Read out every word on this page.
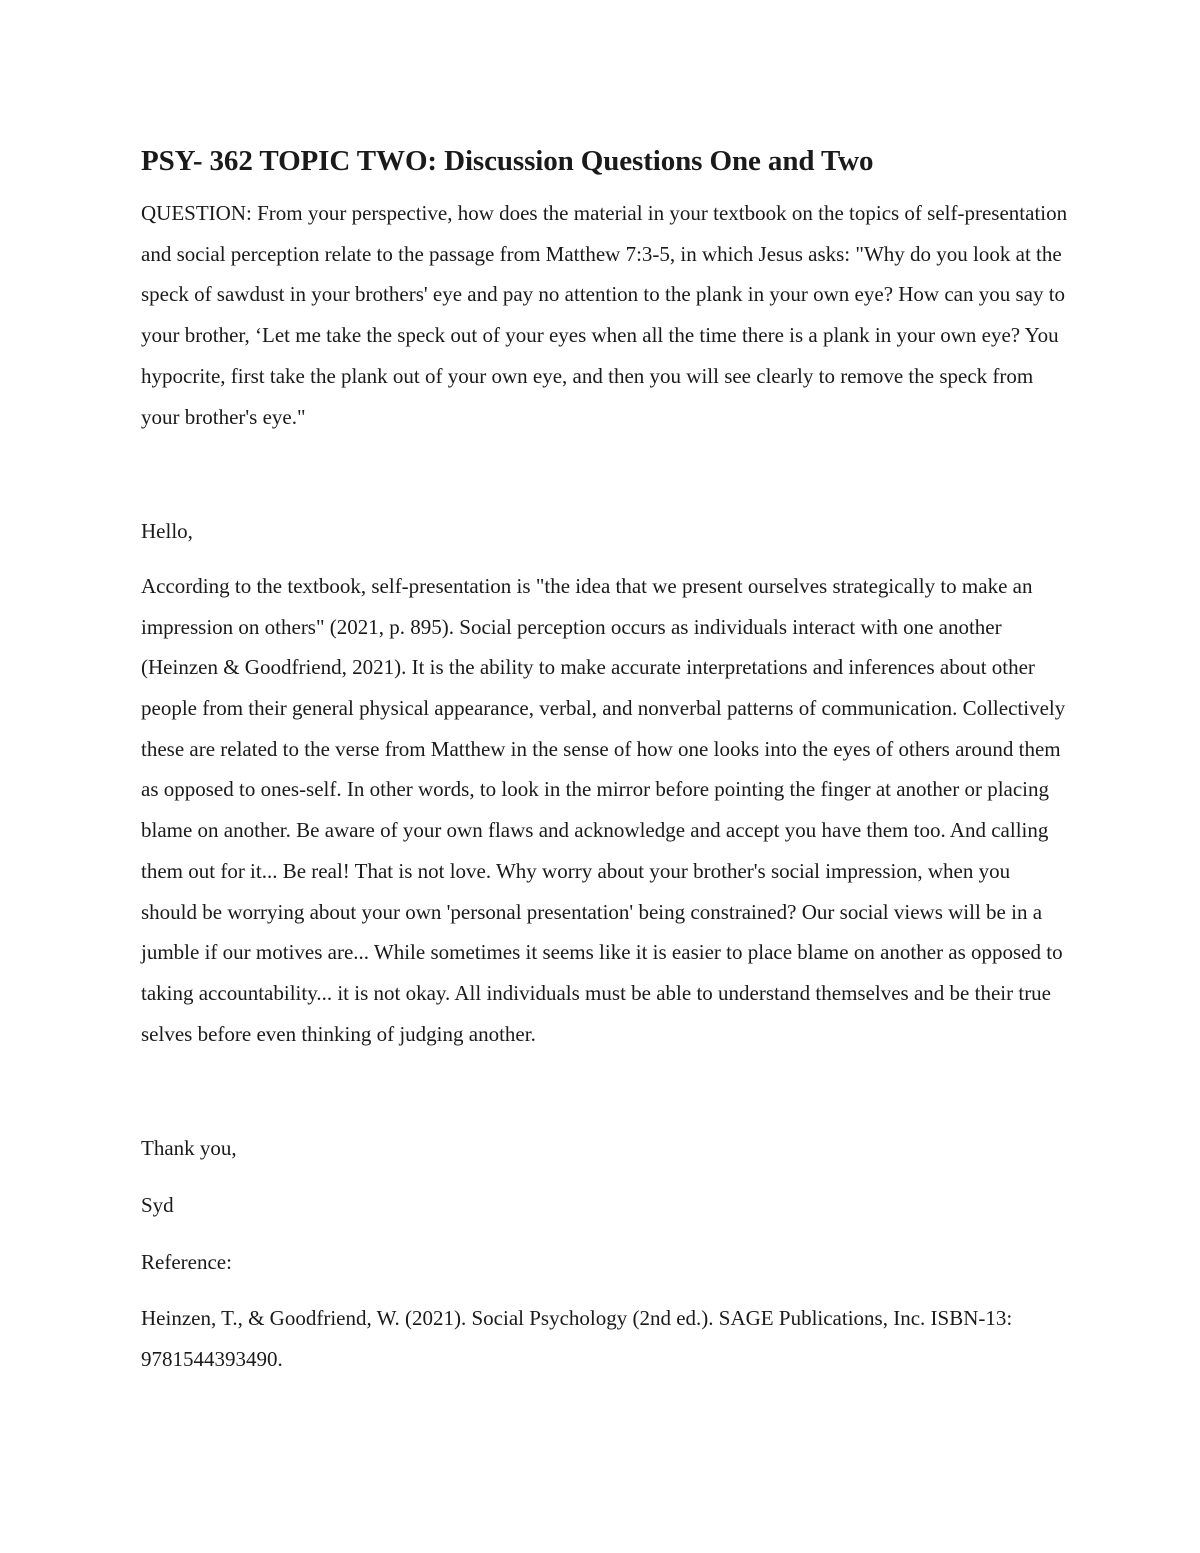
PSY- 362 TOPIC TWO: Discussion Questions One and Two

QUESTION: From your perspective, how does the material in your textbook on the topics of self-presentation and social perception relate to the passage from Matthew 7:3-5, in which Jesus asks: "Why do you look at the speck of sawdust in your brothers' eye and pay no attention to the plank in your own eye? How can you say to your brother, ‘Let me take the speck out of your eyes when all the time there is a plank in your own eye? You hypocrite, first take the plank out of your own eye, and then you will see clearly to remove the speck from your brother's eye."

Hello,

According to the textbook, self-presentation is "the idea that we present ourselves strategically to make an impression on others" (2021, p. 895). Social perception occurs as individuals interact with one another (Heinzen & Goodfriend, 2021). It is the ability to make accurate interpretations and inferences about other people from their general physical appearance, verbal, and nonverbal patterns of communication. Collectively these are related to the verse from Matthew in the sense of how one looks into the eyes of others around them as opposed to ones-self. In other words, to look in the mirror before pointing the finger at another or placing blame on another. Be aware of your own flaws and acknowledge and accept you have them too. And calling them out for it... Be real! That is not love. Why worry about your brother's social impression, when you should be worrying about your own 'personal presentation' being constrained? Our social views will be in a jumble if our motives are... While sometimes it seems like it is easier to place blame on another as opposed to taking accountability... it is not okay. All individuals must be able to understand themselves and be their true selves before even thinking of judging another.

Thank you,

Syd

Reference:

Heinzen, T., & Goodfriend, W. (2021). Social Psychology (2nd ed.). SAGE Publications, Inc. ISBN-13: 9781544393490.
